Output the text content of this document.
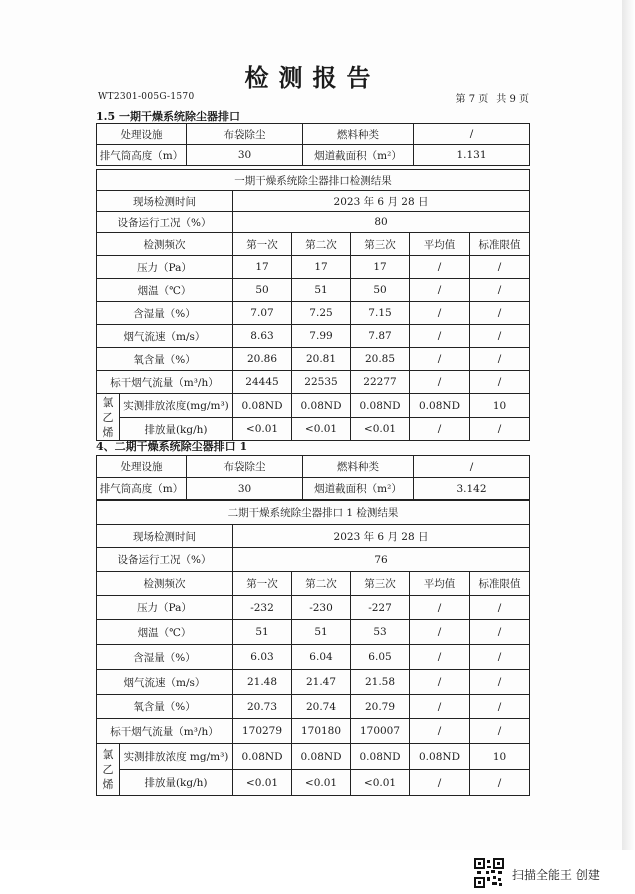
检测报告
WT2301-005G-1570	第 7 页 共 9 页
1.5 一期干燥系统除尘器排口
处理设施	布袋除尘	燃料种类	/
排气筒高度（m）	30	烟道截面积（m²）	1.131
一期干燥系统除尘器排口检测结果						
现场检测时间		2023 年 6 月 28 日				
设备运行工况（%）		80				
检测频次		第一次	第二次	第三次	平均值	标准限值
压力（Pa）		17	17	17	/	/
烟温（℃）		50	51	50	/	/
含湿量（%）		7.07	7.25	7.15	/	/
烟气流速（m/s）		8.63	7.99	7.87	/	/
氧含量（%）		20.86	20.81	20.85	/	/
标干烟气流量（m³/h）		24445	22535	22277	/	/
氯
乙
烯	实测排放浓度(mg/m³)	0.08ND	0.08ND	0.08ND	0.08ND	10
	排放量(kg/h)	<0.01	<0.01	<0.01	/	/
4、二期干燥系统除尘器排口 1
处理设施	布袋除尘	燃料种类	/
排气筒高度（m）	30	烟道截面积（m²）	3.142
二期干燥系统除尘器排口 1 检测结果						
现场检测时间		2023 年 6 月 28 日				
设备运行工况（%）		76				
检测频次		第一次	第二次	第三次	平均值	标准限值
压力（Pa）		-232	-230	-227	/	/
烟温（℃）		51	51	53	/	/
含湿量（%）		6.03	6.04	6.05	/	/
烟气流速（m/s）		21.48	21.47	21.58	/	/
氧含量（%）		20.73	20.74	20.79	/	/
标干烟气流量（m³/h）		170279	170180	170007	/	/
氯
乙
烯	实测排放浓度 mg/m³)	0.08ND	0.08ND	0.08ND	0.08ND	10
	排放量(kg/h)	<0.01	<0.01	<0.01	/	/
扫描全能王 创建
